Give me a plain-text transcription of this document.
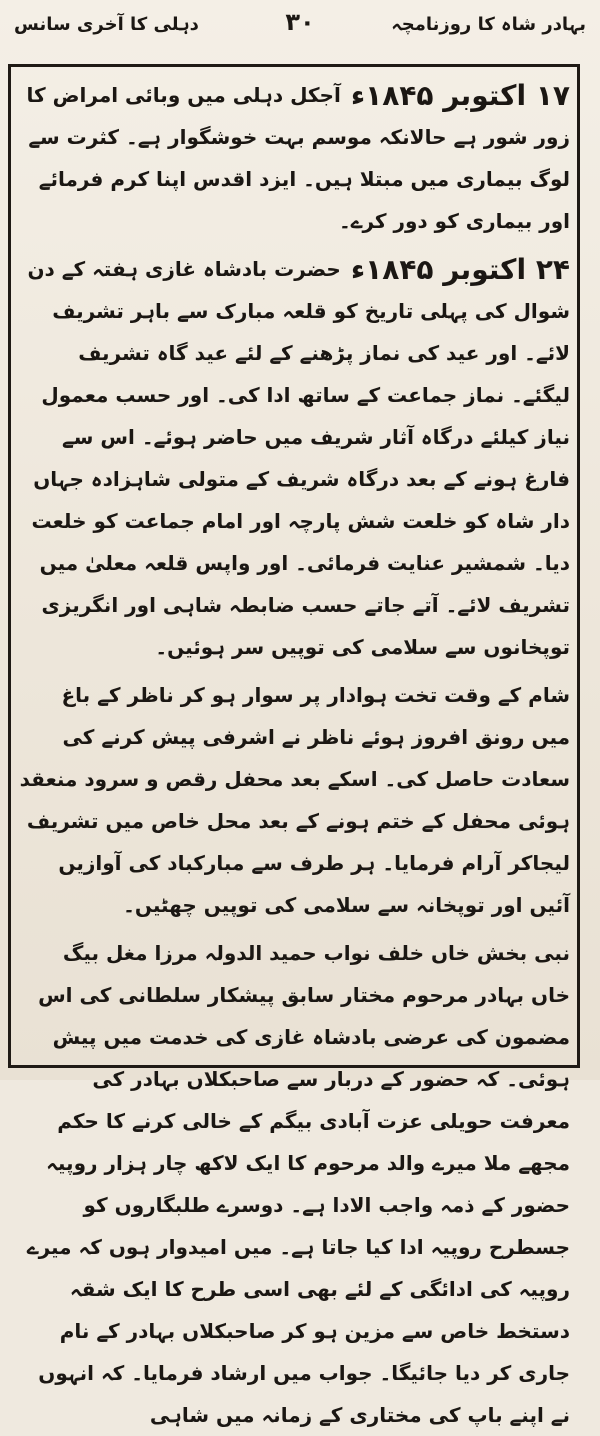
بہادر شاہ کا روزنامچہ
۳۰
دہلی کا آخری سانس
۱۷ اکتوبر ۱۸۴۵ء

آجکل دہلی میں وبائی امراض کا زور شور ہے حالانکہ موسم بہت خوشگوار ہے۔ کثرت سے لوگ بیماری میں مبتلا ہیں۔ ایزد اقدس اپنا کرم فرمائے اور بیماری کو دور کرے۔

۲۴ اکتوبر ۱۸۴۵ء

حضرت بادشاہ غازی ہفتہ کے دن شوال کی پہلی تاریخ کو قلعہ مبارک سے باہر تشریف لائے۔ اور عید کی نماز پڑھنے کے لئے عید گاہ تشریف لیگئے۔ نماز جماعت کے ساتھ ادا کی۔ اور حسب معمول نیاز کیلئے درگاہ آثار شریف میں حاضر ہوئے۔ اس سے فارغ ہونے کے بعد درگاہ شریف کے متولی شاہزادہ جہاں دار شاہ کو خلعت شش پارچہ اور امام جماعت کو خلعت دیا۔ شمشیر عنایت فرمائی۔ اور واپس قلعہ معلیٰ میں تشریف لائے۔ آتے جاتے حسب ضابطہ شاہی اور انگریزی توپخانوں سے سلامی کی توپیں سر ہوئیں۔

شام کے وقت تخت ہوادار پر سوار ہو کر ناظر کے باغ میں رونق افروز ہوئے ناظر نے اشرفی پیش کرنے کی سعادت حاصل کی۔ اسکے بعد محفل رقص و سرود منعقد ہوئی محفل کے ختم ہونے کے بعد محل خاص میں تشریف لیجاکر آرام فرمایا۔ ہر طرف سے مبارکباد کی آوازیں آئیں اور توپخانہ سے سلامی کی توپیں چھٹیں۔

نبی بخش خاں خلف نواب حمید الدولہ مرزا مغل بیگ خاں بہادر مرحوم مختار سابق پیشکار سلطانی کی اس مضمون کی عرضی بادشاہ غازی کی خدمت میں پیش ہوئی۔ کہ حضور کے دربار سے صاحبکلاں بہادر کی معرفت حویلی عزت آبادی بیگم کے خالی کرنے کا حکم مجھے ملا میرے والد مرحوم کا ایک لاکھ چار ہزار روپیہ حضور کے ذمہ واجب الادا ہے۔ دوسرے طلبگاروں کو جسطرح روپیہ ادا کیا جاتا ہے۔ میں امیدوار ہوں کہ میرے روپیہ کی ادائگی کے لئے بھی اسی طرح کا ایک شقہ دستخط خاص سے مزین ہو کر صاحبکلاں بہادر کے نام جاری کر دیا جائیگا۔ جواب میں ارشاد فرمایا۔ کہ انہوں نے اپنے باپ کی مختاری کے زمانہ میں شاہی
